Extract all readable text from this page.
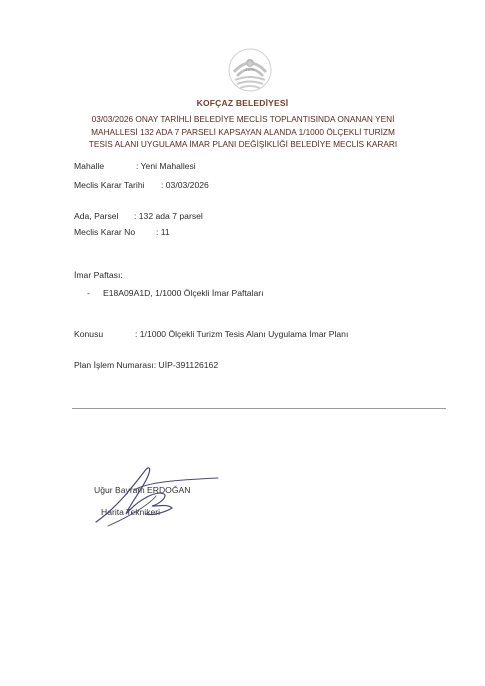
1978
KOFÇAZ BELEDİYESİ
03/03/2026 ONAY TARİHLİ BELEDİYE MECLİS TOPLANTISINDA ONANAN YENİ
MAHALLESİ 132 ADA 7 PARSELİ KAPSAYAN ALANDA 1/1000 ÖLÇEKLİ TURİZM
TESİS ALANI UYGULAMA İMAR PLANI DEĞİŞİKLİĞİ BELEDİYE MECLİS KARARI
Mahalle	: Yeni Mahallesi
Meclis Karar Tarihi : 03/03/2026
Ada, Parsel : 132 ada 7 parsel
Meclis Karar No : 11
İmar Paftası:
- E18A09A1D, 1/1000 Ölçekli İmar Paftaları
Konusu	: 1/1000 Ölçekli Turizm Tesis Alanı Uygulama İmar Planı
Plan İşlem Numarası: UİP-391126162
Uğur Bayram ERDOĞAN
Harita Teknikeri
